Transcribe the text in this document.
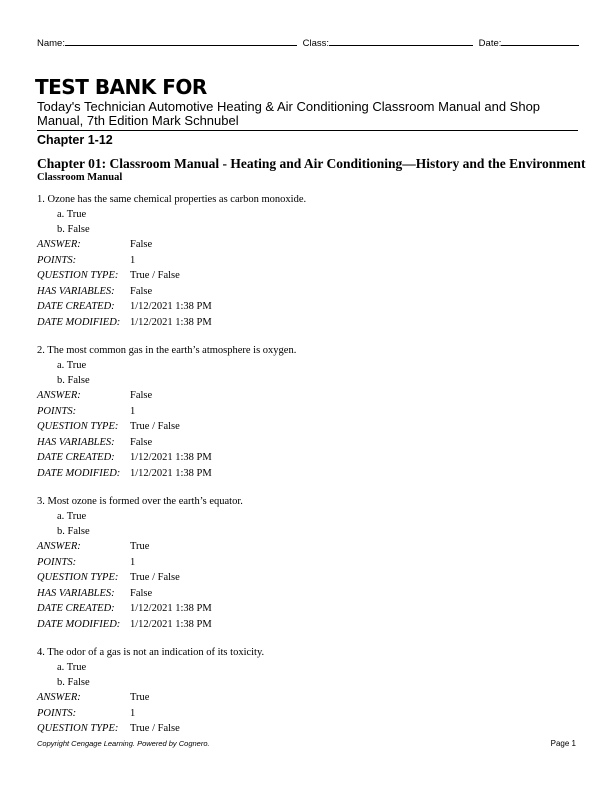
Name:	Class:	Date:
TEST BANK FOR
Today's Technician Automotive Heating & Air Conditioning Classroom Manual and Shop Manual, 7th Edition Mark Schnubel
Chapter 1-12
Chapter 01: Classroom Manual - Heating and Air Conditioning—History and the Environment
Classroom Manual
1. Ozone has the same chemical properties as carbon monoxide.
a. True
b. False
ANSWER:	False
POINTS:	1
QUESTION TYPE:	True / False
HAS VARIABLES:	False
DATE CREATED:	1/12/2021 1:38 PM
DATE MODIFIED: 1/12/2021 1:38 PM
2. The most common gas in the earth’s atmosphere is oxygen.
a. True
b. False
ANSWER:	False
POINTS:	1
QUESTION TYPE:	True / False
HAS VARIABLES:	False
DATE CREATED:	1/12/2021 1:38 PM
DATE MODIFIED: 1/12/2021 1:38 PM
3. Most ozone is formed over the earth’s equator.
a. True
b. False
ANSWER:	True
POINTS:	1
QUESTION TYPE:	True / False
HAS VARIABLES:	False
DATE CREATED:	1/12/2021 1:38 PM
DATE MODIFIED: 1/12/2021 1:38 PM
4. The odor of a gas is not an indication of its toxicity.
a. True
b. False
ANSWER:	True
POINTS:	1
QUESTION TYPE:	True / False
Copyright Cengage Learning. Powered by Cognero.	Page 1
